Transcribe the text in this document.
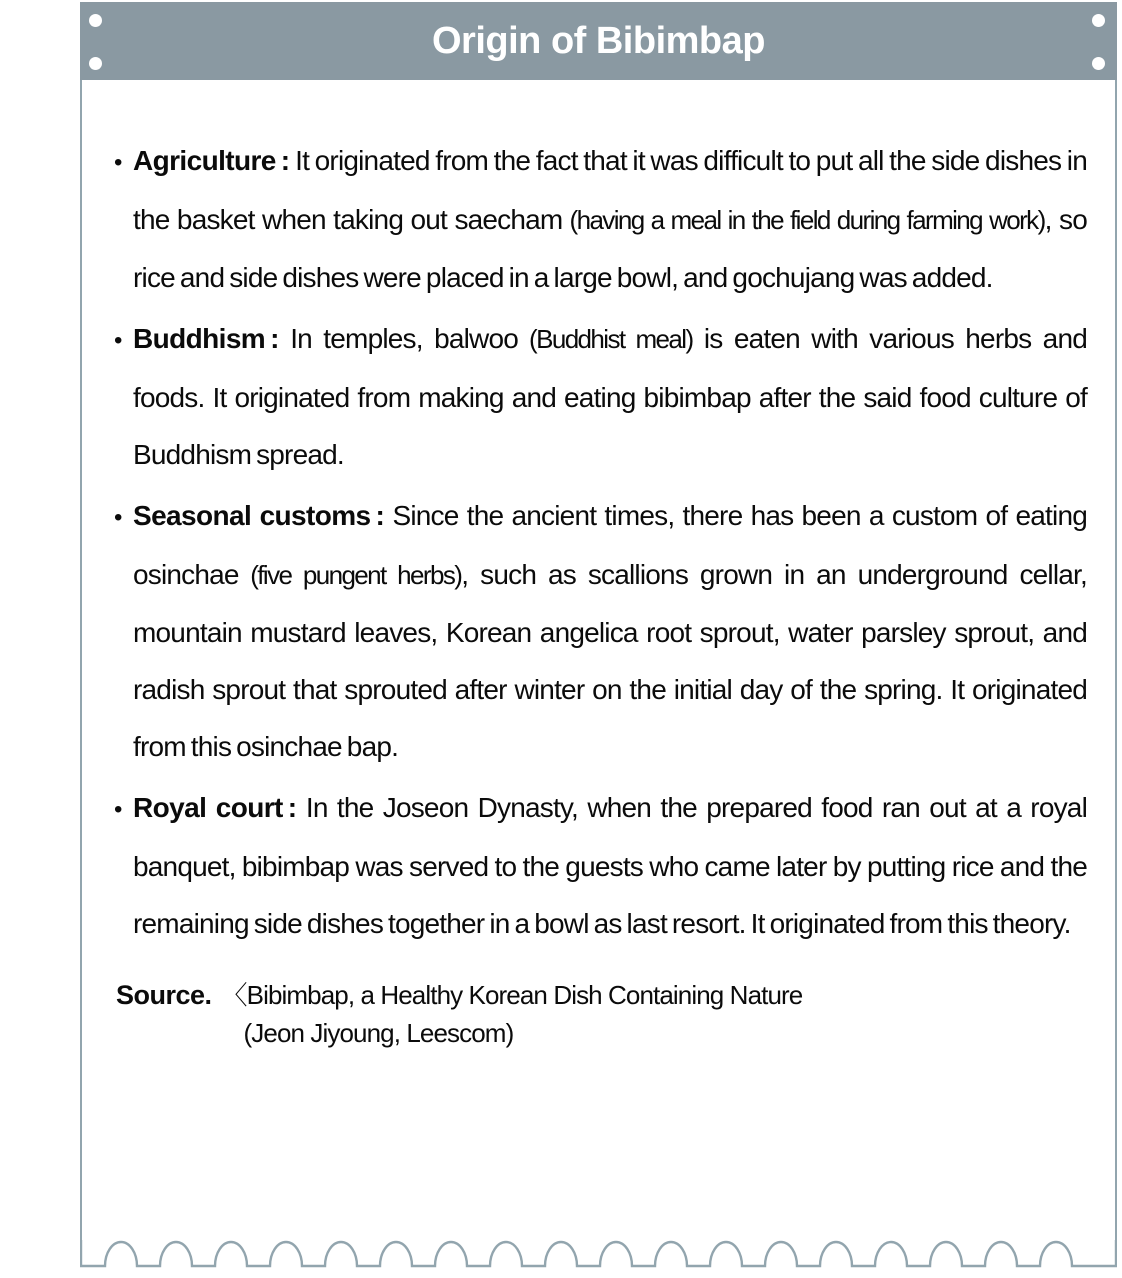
Origin of Bibimbap

• Agriculture : It originated from the fact that it was difficult to put all the side dishes in the basket when taking out saecham (having a meal in the field during farming work), so rice and side dishes were placed in a large bowl, and gochujang was added.

• Buddhism : In temples, balwoo (Buddhist meal) is eaten with various herbs and foods. It originated from making and eating bibimbap after the said food culture of Buddhism spread.

• Seasonal customs : Since the ancient times, there has been a custom of eating osinchae (five pungent herbs), such as scallions grown in an underground cellar, mountain mustard leaves, Korean angelica root sprout, water parsley sprout, and radish sprout that sprouted after winter on the initial day of the spring. It originated from this osinchae bap.

• Royal court : In the Joseon Dynasty, when the prepared food ran out at a royal banquet, bibimbap was served to the guests who came later by putting rice and the remaining side dishes together in a bowl as last resort. It originated from this theory.

Source. 〈Bibimbap, a Healthy Korean Dish Containing Nature
(Jeon Jiyoung, Leescom)
